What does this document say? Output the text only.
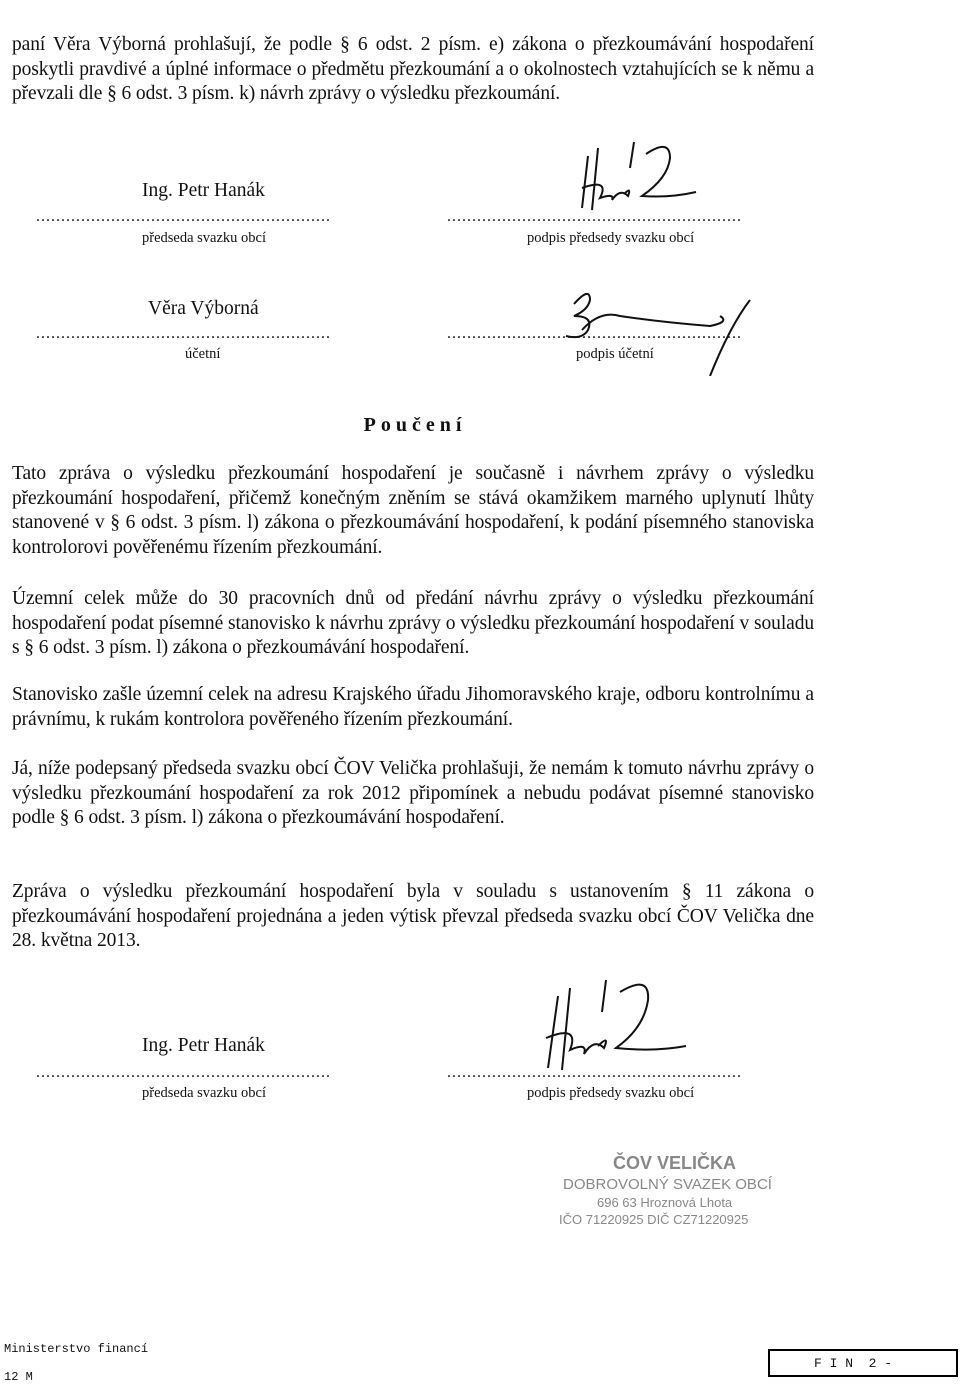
paní Věra Výborná prohlašují, že podle § 6 odst. 2 písm. e) zákona o přezkoumávání hospodaření poskytli pravdivé a úplné informace o předmětu přezkoumání a o okolnostech vztahujících se k němu a převzali dle § 6 odst. 3 písm. k) návrh zprávy o výsledku přezkoumání.
Ing. Petr Hanák
...........................................................	...........................................................
předseda svazku obcí	podpis předsedy svazku obcí
Věra Výborná
...........................................................	...........................................................
účetní	podpis účetní
Poučení
Tato zpráva o výsledku přezkoumání hospodaření je současně i návrhem zprávy o výsledku přezkoumání hospodaření, přičemž konečným zněním se stává okamžikem marného uplynutí lhůty stanovené v § 6 odst. 3 písm. l) zákona o přezkoumávání hospodaření, k podání písemného stanoviska kontrolorovi pověřenému řízením přezkoumání.
Územní celek může do 30 pracovních dnů od předání návrhu zprávy o výsledku přezkoumání hospodaření podat písemné stanovisko k návrhu zprávy o výsledku přezkoumání hospodaření v souladu s § 6 odst. 3 písm. l) zákona o přezkoumávání hospodaření.
Stanovisko zašle územní celek na adresu Krajského úřadu Jihomoravského kraje, odboru kontrolnímu a právnímu, k rukám kontrolora pověřeného řízením přezkoumání.
Já, níže podepsaný předseda svazku obcí ČOV Velička prohlašuji, že nemám k tomuto návrhu zprávy o výsledku přezkoumání hospodaření za rok 2012 připomínek a nebudu podávat písemné stanovisko podle § 6 odst. 3 písm. l) zákona o přezkoumávání hospodaření.
Zpráva o výsledku přezkoumání hospodaření byla v souladu s ustanovením § 11 zákona o přezkoumávání hospodaření projednána a jeden výtisk převzal předseda svazku obcí ČOV Velička dne 28. května 2013.
Ing. Petr Hanák
...........................................................	...........................................................
předseda svazku obcí	podpis předsedy svazku obcí
ČOV VELIČKA
DOBROVOLNÝ SVAZEK OBCÍ
696 63 Hroznová Lhota
IČO 71220925 DIČ CZ71220925
Ministerstvo financí
12 M
F I N  2 -
